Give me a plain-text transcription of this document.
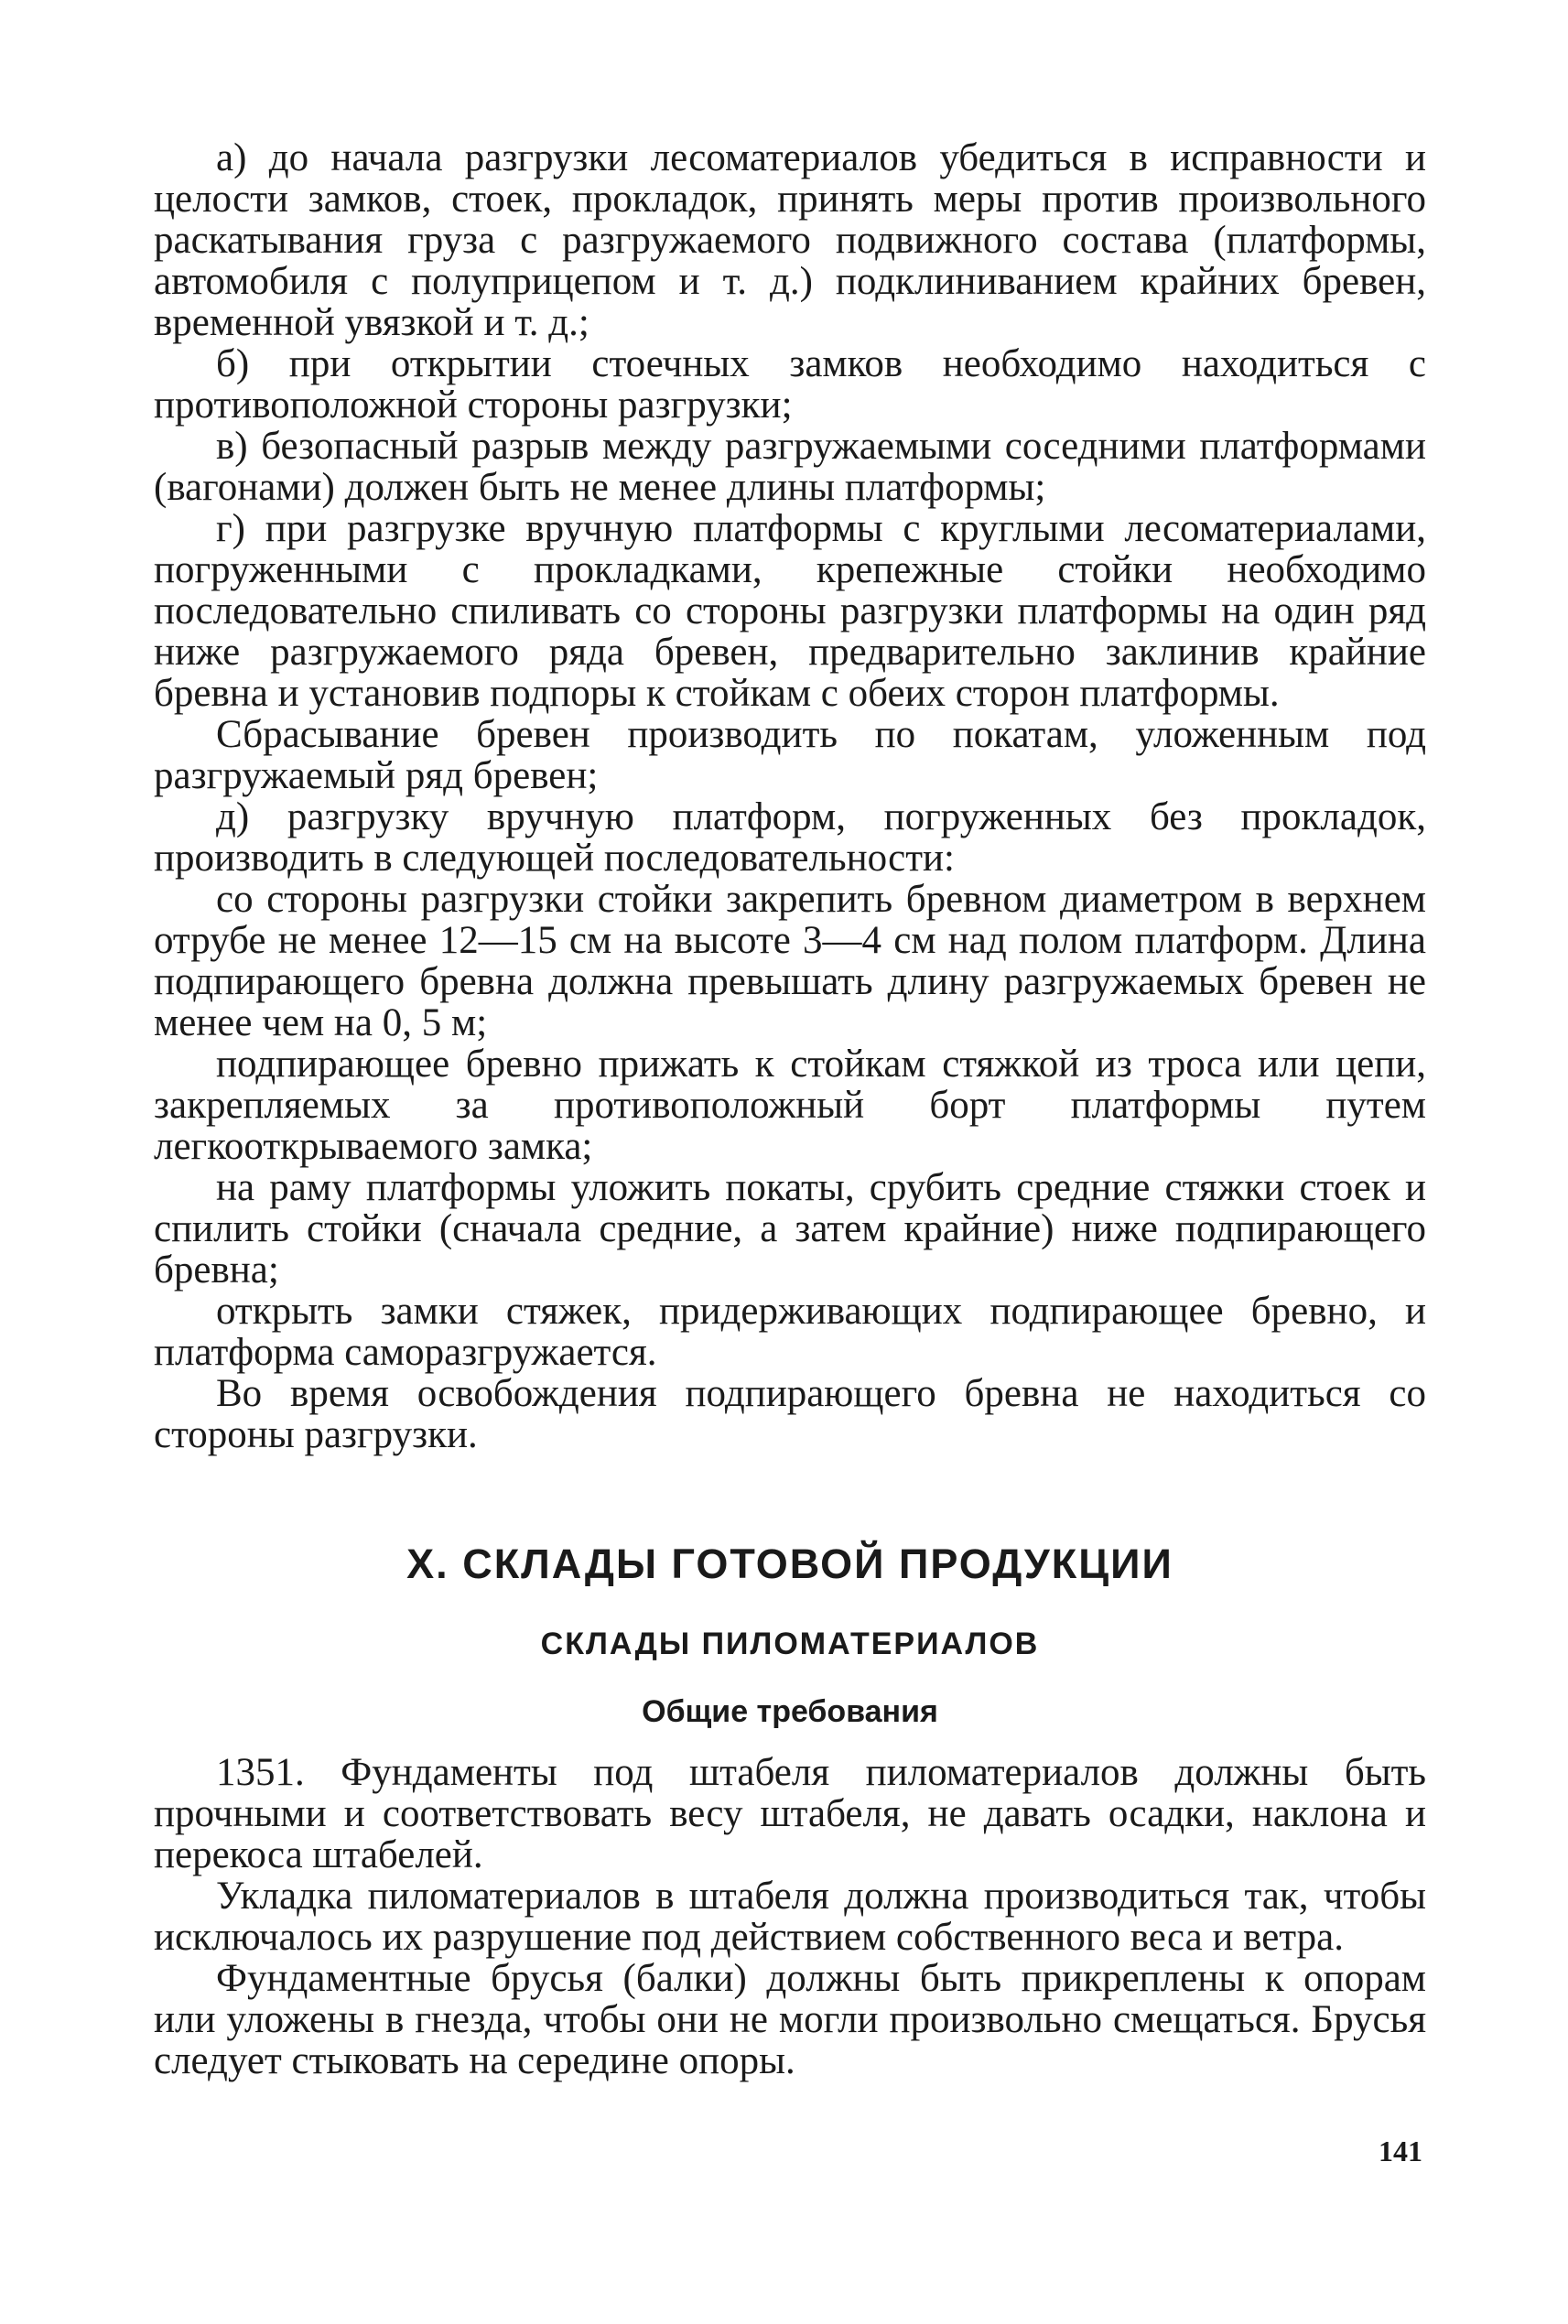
а) до начала разгрузки лесоматериалов убедиться в исправности и целости замков, стоек, прокладок, принять меры против произвольного раскатывания груза с разгружаемого подвижного состава (платформы, автомобиля с полуприцепом и т. д.) подклиниванием крайних бревен, временной увязкой и т. д.;

б) при открытии стоечных замков необходимо находиться с противоположной стороны разгрузки;

в) безопасный разрыв между разгружаемыми соседними платформами (вагонами) должен быть не менее длины платформы;

г) при разгрузке вручную платформы с круглыми лесоматериалами, погруженными с прокладками, крепежные стойки необходимо последовательно спиливать со стороны разгрузки платформы на один ряд ниже разгружаемого ряда бревен, предварительно заклинив крайние бревна и установив подпоры к стойкам с обеих сторон платформы.

Сбрасывание бревен производить по покатам, уложенным под разгружаемый ряд бревен;

д) разгрузку вручную платформ, погруженных без прокладок, производить в следующей последовательности:

со стороны разгрузки стойки закрепить бревном диаметром в верхнем отрубе не менее 12—15 см на высоте 3—4 см над полом платформ. Длина подпирающего бревна должна превышать длину разгружаемых бревен не менее чем на 0, 5 м;

подпирающее бревно прижать к стойкам стяжкой из троса или цепи, закрепляемых за противоположный борт платформы путем легкооткрываемого замка;

на раму платформы уложить покаты, срубить средние стяжки стоек и спилить стойки (сначала средние, а затем крайние) ниже подпирающего бревна;

открыть замки стяжек, придерживающих подпирающее бревно, и платформа саморазгружается.

Во время освобождения подпирающего бревна не находиться со стороны разгрузки.

X. СКЛАДЫ ГОТОВОЙ ПРОДУКЦИИ
СКЛАДЫ ПИЛОМАТЕРИАЛОВ
Общие требования

1351. Фундаменты под штабеля пиломатериалов должны быть прочными и соответствовать весу штабеля, не давать осадки, наклона и перекоса штабелей.

Укладка пиломатериалов в штабеля должна производиться так, чтобы исключалось их разрушение под действием собственного веса и ветра.

Фундаментные брусья (балки) должны быть прикреплены к опорам или уложены в гнезда, чтобы они не могли произвольно смещаться. Брусья следует стыковать на середине опоры.

141
